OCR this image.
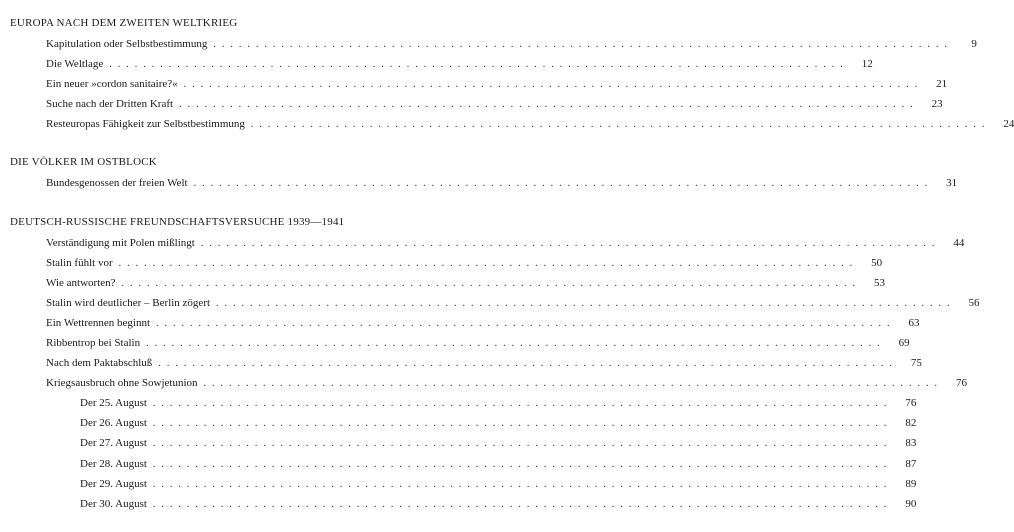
EUROPA NACH DEM ZWEITEN WELTKRIEG
Kapitulation oder Selbstbestimmung .......................................................................................	9
Die Weltlage .......................................................................................	12
Ein neuer »cordon sanitaire?« .......................................................................................	21
Suche nach der Dritten Kraft .......................................................................................	23
Resteuropas Fähigkeit zur Selbstbestimmung .......................................................................................	24
DIE VÖLKER IM OSTBLOCK
Bundesgenossen der freien Welt .......................................................................................	31
DEUTSCH-RUSSISCHE FREUNDSCHAFTSVERSUCHE 1939—1941
Verständigung mit Polen mißlingt .......................................................................................	44
Stalin fühlt vor .......................................................................................	50
Wie antworten? .......................................................................................	53
Stalin wird deutlicher – Berlin zögert .......................................................................................	56
Ein Wettrennen beginnt .......................................................................................	63
Ribbentrop bei Stalin .......................................................................................	69
Nach dem Paktabschluß .......................................................................................	75
Kriegsausbruch ohne Sowjetunion .......................................................................................	76
Der 25. August .......................................................................................	76
Der 26. August .......................................................................................	82
Der 27. August .......................................................................................	83
Der 28. August .......................................................................................	87
Der 29. August .......................................................................................	89
Der 30. August .......................................................................................	90
